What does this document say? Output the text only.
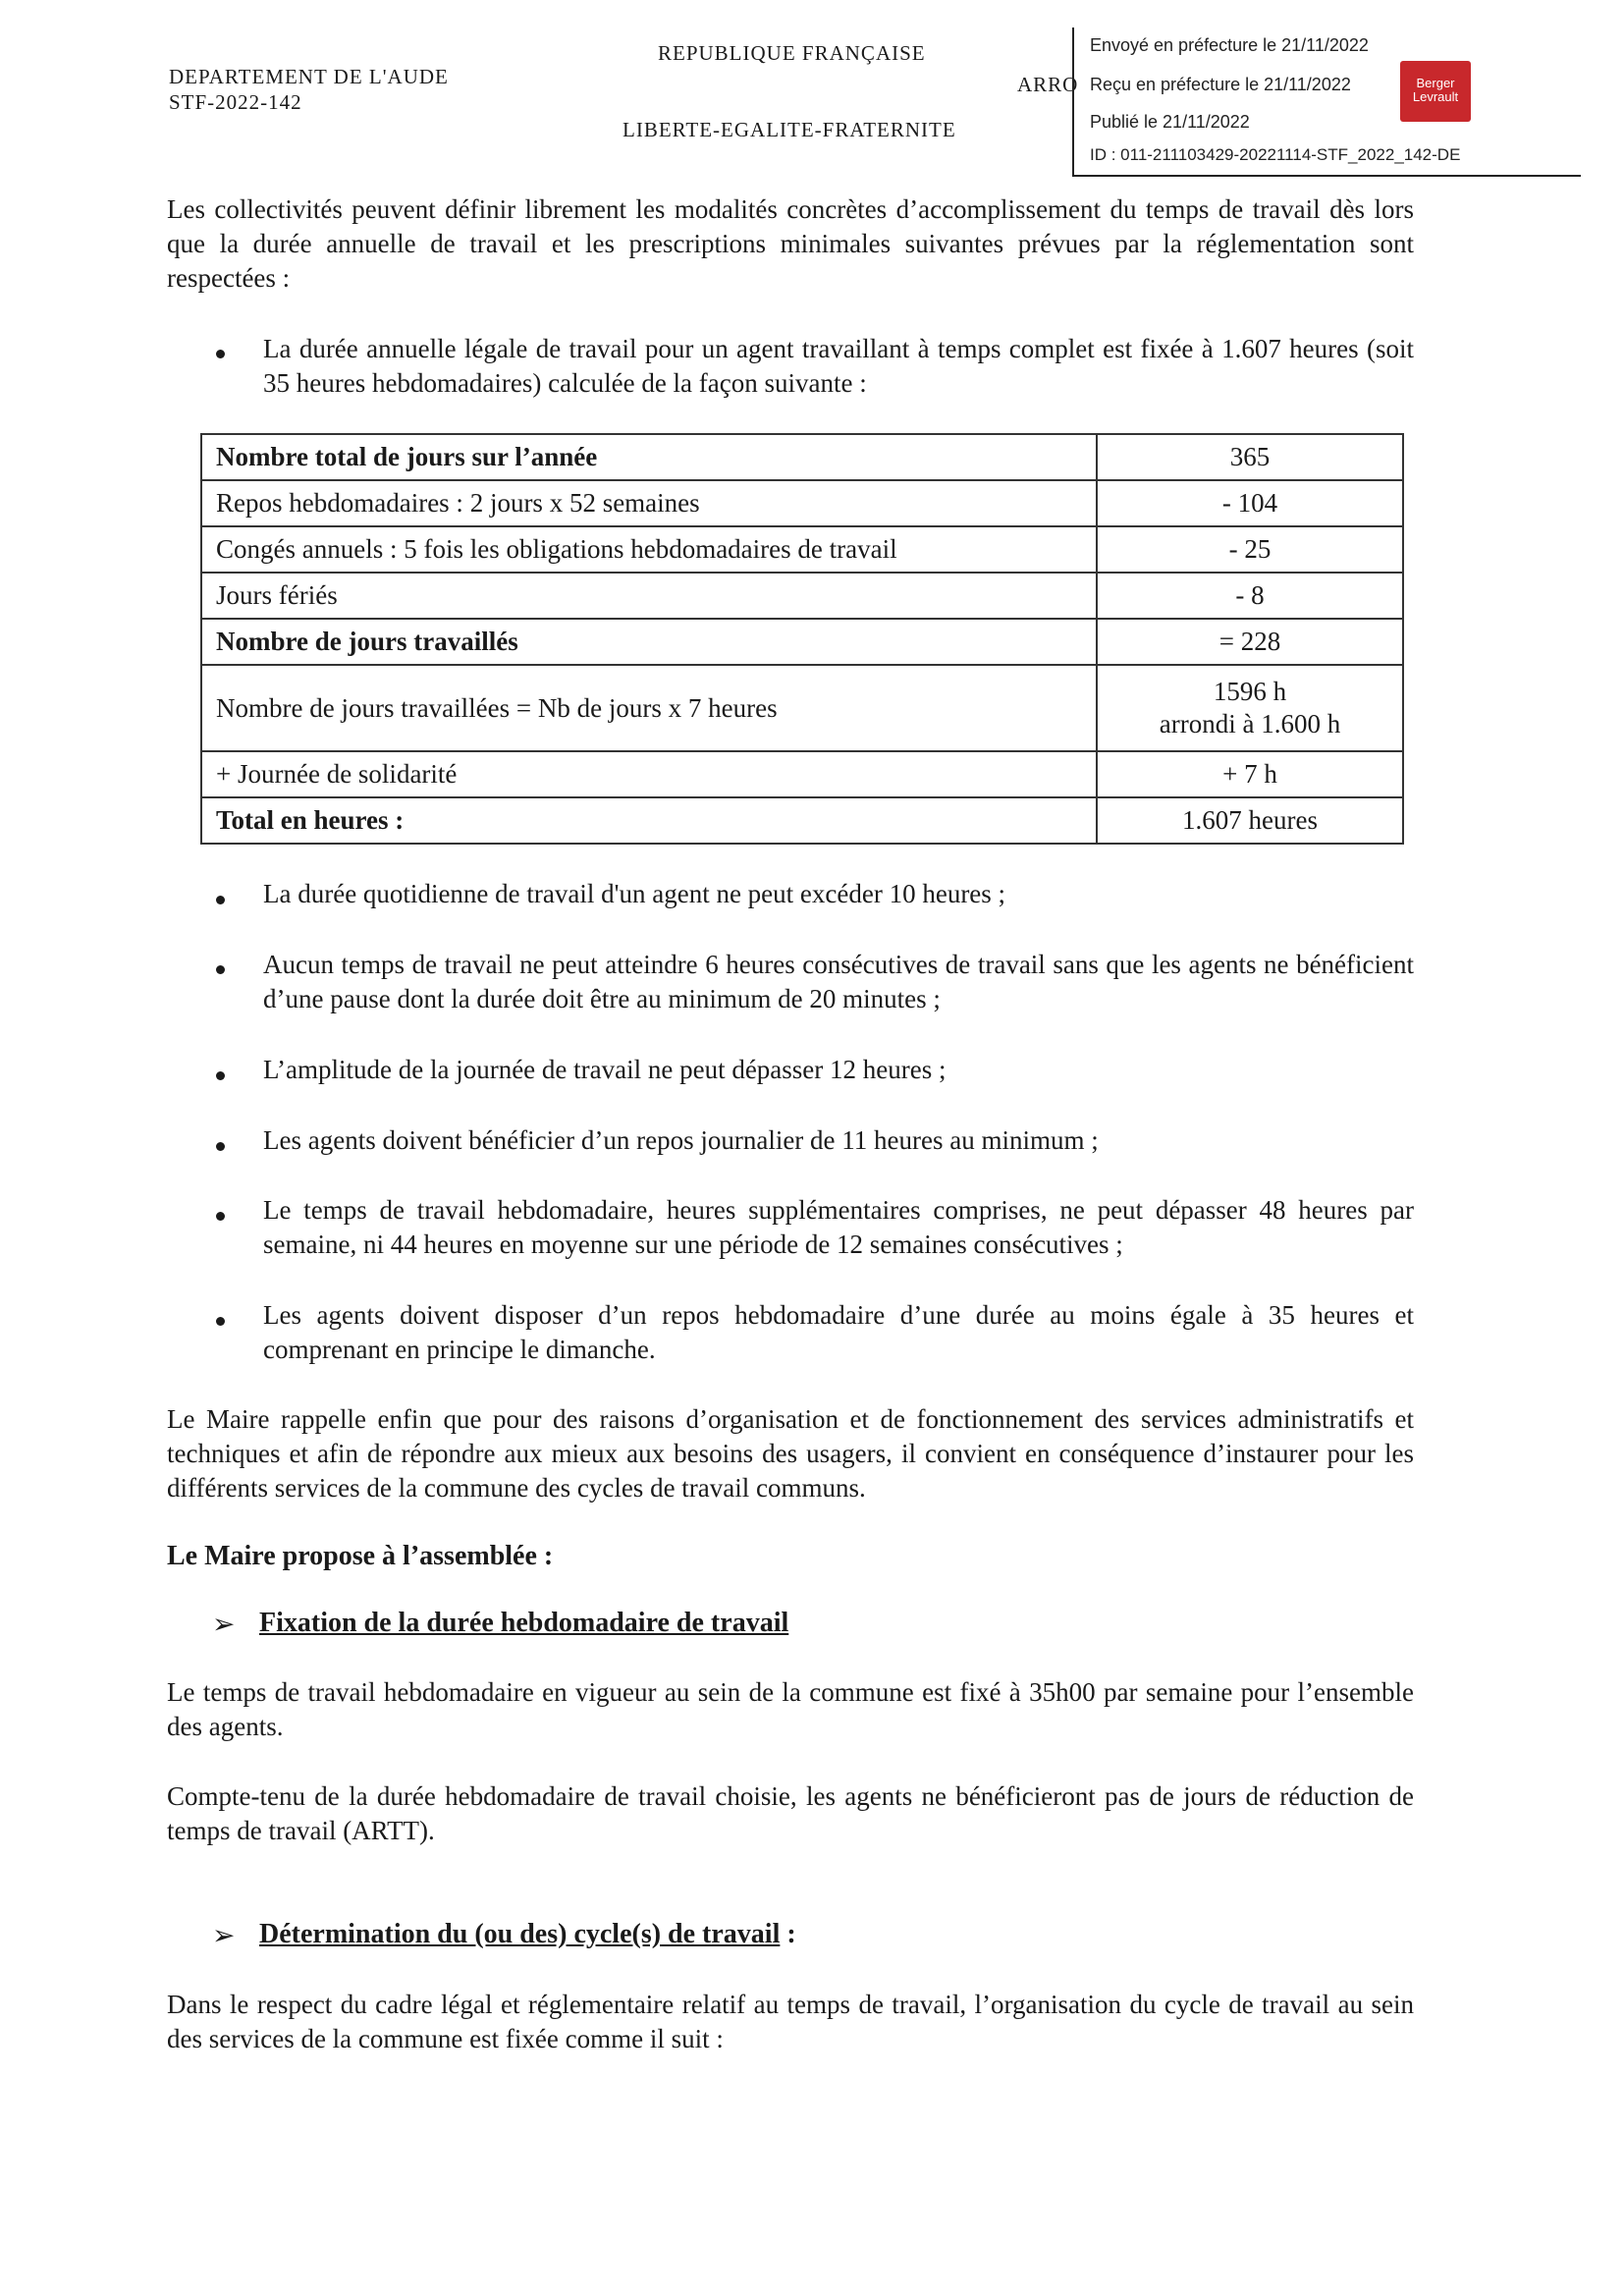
DEPARTEMENT DE L'AUDE
STF-2022-142
REPUBLIQUE FRANÇAISE
LIBERTE-EGALITE-FRATERNITE
ARRO
Envoyé en préfecture le 21/11/2022
Reçu en préfecture le 21/11/2022
Publié le 21/11/2022
ID : 011-211103429-20221114-STF_2022_142-DE
Berger Levrault
Les collectivités peuvent définir librement les modalités concrètes d’accomplissement du temps de travail dès lors que la durée annuelle de travail et les prescriptions minimales suivantes prévues par la réglementation sont respectées :
La durée annuelle légale de travail pour un agent travaillant à temps complet est fixée à 1.607 heures (soit 35 heures hebdomadaires) calculée de la façon suivante :
Nombre total de jours sur l’année	365
Repos hebdomadaires : 2 jours x 52 semaines	- 104
Congés annuels : 5 fois les obligations hebdomadaires de travail	- 25
Jours fériés	- 8
Nombre de jours travaillés	= 228
Nombre de jours travaillées = Nb de jours x 7 heures	1596 h
arrondi à 1.600 h

+ Journée de solidarité	+ 7 h
Total en heures :	1.607 heures
La durée quotidienne de travail d'un agent ne peut excéder 10 heures ;
Aucun temps de travail ne peut atteindre 6 heures consécutives de travail sans que les agents ne bénéficient d’une pause dont la durée doit être au minimum de 20 minutes ;
L’amplitude de la journée de travail ne peut dépasser 12 heures ;
Les agents doivent bénéficier d’un repos journalier de 11 heures au minimum ;
Le temps de travail hebdomadaire, heures supplémentaires comprises, ne peut dépasser 48 heures par semaine, ni 44 heures en moyenne sur une période de 12 semaines consécutives ;
Les agents doivent disposer d’un repos hebdomadaire d’une durée au moins égale à 35 heures et comprenant en principe le dimanche.
Le Maire rappelle enfin que pour des raisons d’organisation et de fonctionnement des services administratifs et techniques et afin de répondre aux mieux aux besoins des usagers, il convient en conséquence d’instaurer pour les différents services de la commune des cycles de travail communs.
Le Maire propose à l’assemblée :
➢ Fixation de la durée hebdomadaire de travail
Le temps de travail hebdomadaire en vigueur au sein de la commune est fixé à 35h00 par semaine pour l’ensemble des agents.
Compte-tenu de la durée hebdomadaire de travail choisie, les agents ne bénéficieront pas de jours de réduction de temps de travail (ARTT).
➢ Détermination du (ou des) cycle(s) de travail :
Dans le respect du cadre légal et réglementaire relatif au temps de travail, l’organisation du cycle de travail au sein des services de la commune est fixée comme il suit :
